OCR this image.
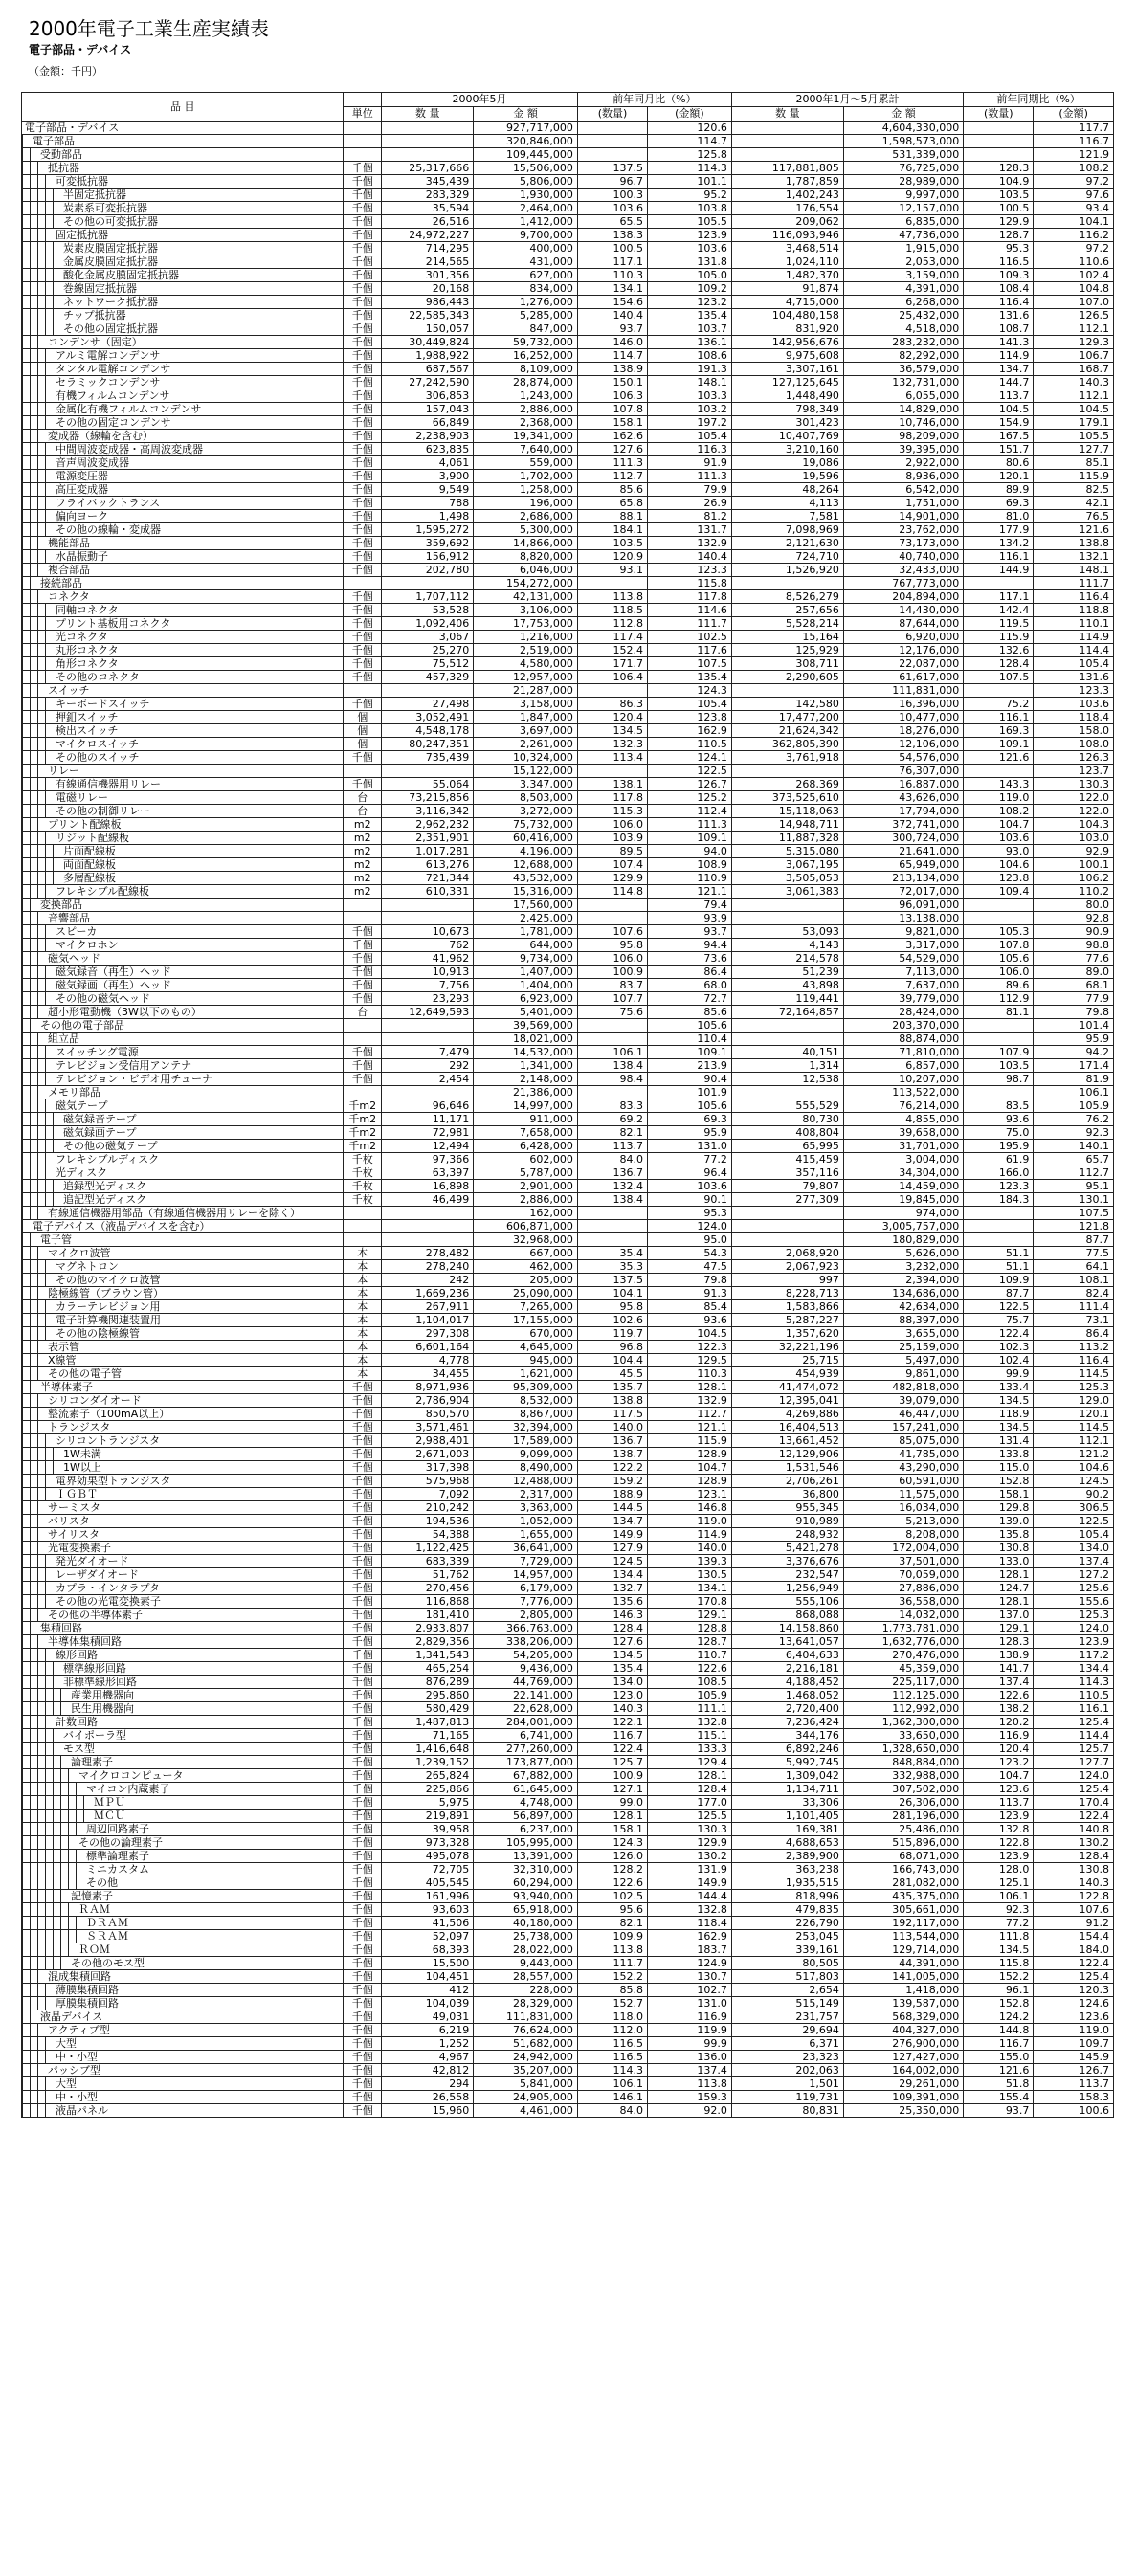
2000年電子工業生産実績表
電子部品・デバイス
（金額：千円）
品 目		2000年5月		前年同月比（%）		2000年1月～5月累計		前年同期比（%）	
	単位	数 量	金 額	(数量)	(金額)	数 量	金 額	(数量)	(金額)
電子部品・デバイス			927,717,000		120.6		4,604,330,000		117.7
電子部品			320,846,000		114.7		1,598,573,000		116.7
受動部品			109,445,000		125.8		531,339,000		121.9
抵抗器	千個	25,317,666	15,506,000	137.5	114.3	117,881,805	76,725,000	128.3	108.2
可変抵抗器	千個	345,439	5,806,000	96.7	101.1	1,787,859	28,989,000	104.9	97.2
半固定抵抗器	千個	283,329	1,930,000	100.3	95.2	1,402,243	9,997,000	103.5	97.6
炭素系可変抵抗器	千個	35,594	2,464,000	103.6	103.8	176,554	12,157,000	100.5	93.4
その他の可変抵抗器	千個	26,516	1,412,000	65.5	105.5	209,062	6,835,000	129.9	104.1
固定抵抗器	千個	24,972,227	9,700,000	138.3	123.9	116,093,946	47,736,000	128.7	116.2
炭素皮膜固定抵抗器	千個	714,295	400,000	100.5	103.6	3,468,514	1,915,000	95.3	97.2
金属皮膜固定抵抗器	千個	214,565	431,000	117.1	131.8	1,024,110	2,053,000	116.5	110.6
酸化金属皮膜固定抵抗器	千個	301,356	627,000	110.3	105.0	1,482,370	3,159,000	109.3	102.4
巻線固定抵抗器	千個	20,168	834,000	134.1	109.2	91,874	4,391,000	108.4	104.8
ネットワーク抵抗器	千個	986,443	1,276,000	154.6	123.2	4,715,000	6,268,000	116.4	107.0
チップ抵抗器	千個	22,585,343	5,285,000	140.4	135.4	104,480,158	25,432,000	131.6	126.5
その他の固定抵抗器	千個	150,057	847,000	93.7	103.7	831,920	4,518,000	108.7	112.1
コンデンサ（固定）	千個	30,449,824	59,732,000	146.0	136.1	142,956,676	283,232,000	141.3	129.3
アルミ電解コンデンサ	千個	1,988,922	16,252,000	114.7	108.6	9,975,608	82,292,000	114.9	106.7
タンタル電解コンデンサ	千個	687,567	8,109,000	138.9	191.3	3,307,161	36,579,000	134.7	168.7
セラミックコンデンサ	千個	27,242,590	28,874,000	150.1	148.1	127,125,645	132,731,000	144.7	140.3
有機フィルムコンデンサ	千個	306,853	1,243,000	106.3	103.3	1,448,490	6,055,000	113.7	112.1
金属化有機フィルムコンデンサ	千個	157,043	2,886,000	107.8	103.2	798,349	14,829,000	104.5	104.5
その他の固定コンデンサ	千個	66,849	2,368,000	158.1	197.2	301,423	10,746,000	154.9	179.1
変成器（線輪を含む）	千個	2,238,903	19,341,000	162.6	105.4	10,407,769	98,209,000	167.5	105.5
中間周波変成器・高周波変成器	千個	623,835	7,640,000	127.6	116.3	3,210,160	39,395,000	151.7	127.7
音声周波変成器	千個	4,061	559,000	111.3	91.9	19,086	2,922,000	80.6	85.1
電源変圧器	千個	3,900	1,702,000	112.7	111.3	19,596	8,936,000	120.1	115.9
高圧変成器	千個	9,549	1,258,000	85.6	79.9	48,264	6,542,000	89.9	82.5
フライバックトランス	千個	788	196,000	65.8	26.9	4,113	1,751,000	69.3	42.1
偏向ヨーク	千個	1,498	2,686,000	88.1	81.2	7,581	14,901,000	81.0	76.5
その他の線輪・変成器	千個	1,595,272	5,300,000	184.1	131.7	7,098,969	23,762,000	177.9	121.6
機能部品	千個	359,692	14,866,000	103.5	132.9	2,121,630	73,173,000	134.2	138.8
水晶振動子	千個	156,912	8,820,000	120.9	140.4	724,710	40,740,000	116.1	132.1
複合部品	千個	202,780	6,046,000	93.1	123.3	1,526,920	32,433,000	144.9	148.1
接続部品			154,272,000		115.8		767,773,000		111.7
コネクタ	千個	1,707,112	42,131,000	113.8	117.8	8,526,279	204,894,000	117.1	116.4
同軸コネクタ	千個	53,528	3,106,000	118.5	114.6	257,656	14,430,000	142.4	118.8
プリント基板用コネクタ	千個	1,092,406	17,753,000	112.8	111.7	5,528,214	87,644,000	119.5	110.1
光コネクタ	千個	3,067	1,216,000	117.4	102.5	15,164	6,920,000	115.9	114.9
丸形コネクタ	千個	25,270	2,519,000	152.4	117.6	125,929	12,176,000	132.6	114.4
角形コネクタ	千個	75,512	4,580,000	171.7	107.5	308,711	22,087,000	128.4	105.4
その他のコネクタ	千個	457,329	12,957,000	106.4	135.4	2,290,605	61,617,000	107.5	131.6
スイッチ			21,287,000		124.3		111,831,000		123.3
キーボードスイッチ	千個	27,498	3,158,000	86.3	105.4	142,580	16,396,000	75.2	103.6
押釦スイッチ	個	3,052,491	1,847,000	120.4	123.8	17,477,200	10,477,000	116.1	118.4
検出スイッチ	個	4,548,178	3,697,000	134.5	162.9	21,624,342	18,276,000	169.3	158.0
マイクロスイッチ	個	80,247,351	2,261,000	132.3	110.5	362,805,390	12,106,000	109.1	108.0
その他のスイッチ	千個	735,439	10,324,000	113.4	124.1	3,761,918	54,576,000	121.6	126.3
リレー			15,122,000		122.5		76,307,000		123.7
有線通信機器用リレー	千個	55,064	3,347,000	138.1	126.7	268,369	16,887,000	143.3	130.3
電磁リレー	台	73,215,856	8,503,000	117.8	125.2	373,525,610	43,626,000	119.0	122.0
その他の制御リレー	台	3,116,342	3,272,000	115.3	112.4	15,118,063	17,794,000	108.2	122.0
プリント配線板	m2	2,962,232	75,732,000	106.0	111.3	14,948,711	372,741,000	104.7	104.3
リジット配線板	m2	2,351,901	60,416,000	103.9	109.1	11,887,328	300,724,000	103.6	103.0
片面配線板	m2	1,017,281	4,196,000	89.5	94.0	5,315,080	21,641,000	93.0	92.9
両面配線板	m2	613,276	12,688,000	107.4	108.9	3,067,195	65,949,000	104.6	100.1
多層配線板	m2	721,344	43,532,000	129.9	110.9	3,505,053	213,134,000	123.8	106.2
フレキシブル配線板	m2	610,331	15,316,000	114.8	121.1	3,061,383	72,017,000	109.4	110.2
変換部品			17,560,000		79.4		96,091,000		80.0
音響部品			2,425,000		93.9		13,138,000		92.8
スピーカ	千個	10,673	1,781,000	107.6	93.7	53,093	9,821,000	105.3	90.9
マイクロホン	千個	762	644,000	95.8	94.4	4,143	3,317,000	107.8	98.8
磁気ヘッド	千個	41,962	9,734,000	106.0	73.6	214,578	54,529,000	105.6	77.6
磁気録音（再生）ヘッド	千個	10,913	1,407,000	100.9	86.4	51,239	7,113,000	106.0	89.0
磁気録画（再生）ヘッド	千個	7,756	1,404,000	83.7	68.0	43,898	7,637,000	89.6	68.1
その他の磁気ヘッド	千個	23,293	6,923,000	107.7	72.7	119,441	39,779,000	112.9	77.9
超小形電動機（3W以下のもの）	台	12,649,593	5,401,000	75.6	85.6	72,164,857	28,424,000	81.1	79.8
その他の電子部品			39,569,000		105.6		203,370,000		101.4
組立品			18,021,000		110.4		88,874,000		95.9
スイッチング電源	千個	7,479	14,532,000	106.1	109.1	40,151	71,810,000	107.9	94.2
テレビジョン受信用アンテナ	千個	292	1,341,000	138.4	213.9	1,314	6,857,000	103.5	171.4
テレビジョン・ビデオ用チューナ	千個	2,454	2,148,000	98.4	90.4	12,538	10,207,000	98.7	81.9
メモリ部品			21,386,000		101.9		113,522,000		106.1
磁気テープ	千m2	96,646	14,997,000	83.3	105.6	555,529	76,214,000	83.5	105.9
磁気録音テープ	千m2	11,171	911,000	69.2	69.3	80,730	4,855,000	93.6	76.2
磁気録画テープ	千m2	72,981	7,658,000	82.1	95.9	408,804	39,658,000	75.0	92.3
その他の磁気テープ	千m2	12,494	6,428,000	113.7	131.0	65,995	31,701,000	195.9	140.1
フレキシブルディスク	千枚	97,366	602,000	84.0	77.2	415,459	3,004,000	61.9	65.7
光ディスク	千枚	63,397	5,787,000	136.7	96.4	357,116	34,304,000	166.0	112.7
追録型光ディスク	千枚	16,898	2,901,000	132.4	103.6	79,807	14,459,000	123.3	95.1
追記型光ディスク	千枚	46,499	2,886,000	138.4	90.1	277,309	19,845,000	184.3	130.1
有線通信機器用部品（有線通信機器用リレーを除く）			162,000		95.3		974,000		107.5
電子デバイス（液晶デバイスを含む）			606,871,000		124.0		3,005,757,000		121.8
電子管			32,968,000		95.0		180,829,000		87.7
マイクロ波管	本	278,482	667,000	35.4	54.3	2,068,920	5,626,000	51.1	77.5
マグネトロン	本	278,240	462,000	35.3	47.5	2,067,923	3,232,000	51.1	64.1
その他のマイクロ波管	本	242	205,000	137.5	79.8	997	2,394,000	109.9	108.1
陰極線管（ブラウン管）	本	1,669,236	25,090,000	104.1	91.3	8,228,713	134,686,000	87.7	82.4
カラーテレビジョン用	本	267,911	7,265,000	95.8	85.4	1,583,866	42,634,000	122.5	111.4
電子計算機関連装置用	本	1,104,017	17,155,000	102.6	93.6	5,287,227	88,397,000	75.7	73.1
その他の陰極線管	本	297,308	670,000	119.7	104.5	1,357,620	3,655,000	122.4	86.4
表示管	本	6,601,164	4,645,000	96.8	122.3	32,221,196	25,159,000	102.3	113.2
X線管	本	4,778	945,000	104.4	129.5	25,715	5,497,000	102.4	116.4
その他の電子管	本	34,455	1,621,000	45.5	110.3	454,939	9,861,000	99.9	114.5
半導体素子	千個	8,971,936	95,309,000	135.7	128.1	41,474,072	482,818,000	133.4	125.3
シリコンダイオード	千個	2,786,904	8,532,000	138.8	132.9	12,395,041	39,079,000	134.5	129.0
整流素子（100mA以上）	千個	850,570	8,867,000	117.5	112.7	4,269,886	46,447,000	118.9	120.1
トランジスタ	千個	3,571,461	32,394,000	140.0	121.1	16,404,513	157,241,000	134.5	114.5
シリコントランジスタ	千個	2,988,401	17,589,000	136.7	115.9	13,661,452	85,075,000	131.4	112.1
1W未満	千個	2,671,003	9,099,000	138.7	128.9	12,129,906	41,785,000	133.8	121.2
1W以上	千個	317,398	8,490,000	122.2	104.7	1,531,546	43,290,000	115.0	104.6
電界効果型トランジスタ	千個	575,968	12,488,000	159.2	128.9	2,706,261	60,591,000	152.8	124.5
ＩＧＢＴ	千個	7,092	2,317,000	188.9	123.1	36,800	11,575,000	158.1	90.2
サーミスタ	千個	210,242	3,363,000	144.5	146.8	955,345	16,034,000	129.8	306.5
バリスタ	千個	194,536	1,052,000	134.7	119.0	910,989	5,213,000	139.0	122.5
サイリスタ	千個	54,388	1,655,000	149.9	114.9	248,932	8,208,000	135.8	105.4
光電変換素子	千個	1,122,425	36,641,000	127.9	140.0	5,421,278	172,004,000	130.8	134.0
発光ダイオード	千個	683,339	7,729,000	124.5	139.3	3,376,676	37,501,000	133.0	137.4
レーザダイオード	千個	51,762	14,957,000	134.4	130.5	232,547	70,059,000	128.1	127.2
カプラ・インタラプタ	千個	270,456	6,179,000	132.7	134.1	1,256,949	27,886,000	124.7	125.6
その他の光電変換素子	千個	116,868	7,776,000	135.6	170.8	555,106	36,558,000	128.1	155.6
その他の半導体素子	千個	181,410	2,805,000	146.3	129.1	868,088	14,032,000	137.0	125.3
集積回路	千個	2,933,807	366,763,000	128.4	128.8	14,158,860	1,773,781,000	129.1	124.0
半導体集積回路	千個	2,829,356	338,206,000	127.6	128.7	13,641,057	1,632,776,000	128.3	123.9
線形回路	千個	1,341,543	54,205,000	134.5	110.7	6,404,633	270,476,000	138.9	117.2
標準線形回路	千個	465,254	9,436,000	135.4	122.6	2,216,181	45,359,000	141.7	134.4
非標準線形回路	千個	876,289	44,769,000	134.0	108.5	4,188,452	225,117,000	137.4	114.3
産業用機器向	千個	295,860	22,141,000	123.0	105.9	1,468,052	112,125,000	122.6	110.5
民生用機器向	千個	580,429	22,628,000	140.3	111.1	2,720,400	112,992,000	138.2	116.1
計数回路	千個	1,487,813	284,001,000	122.1	132.8	7,236,424	1,362,300,000	120.2	125.4
バイポーラ型	千個	71,165	6,741,000	116.7	115.1	344,176	33,650,000	116.9	114.4
モス型	千個	1,416,648	277,260,000	122.4	133.3	6,892,246	1,328,650,000	120.4	125.7
論理素子	千個	1,239,152	173,877,000	125.7	129.4	5,992,745	848,884,000	123.2	127.7
マイクロコンピュータ	千個	265,824	67,882,000	100.9	128.1	1,309,042	332,988,000	104.7	124.0
マイコン内蔵素子	千個	225,866	61,645,000	127.1	128.4	1,134,711	307,502,000	123.6	125.4
ＭＰＵ	千個	5,975	4,748,000	99.0	177.0	33,306	26,306,000	113.7	170.4
ＭＣＵ	千個	219,891	56,897,000	128.1	125.5	1,101,405	281,196,000	123.9	122.4
周辺回路素子	千個	39,958	6,237,000	158.1	130.3	169,381	25,486,000	132.8	140.8
その他の論理素子	千個	973,328	105,995,000	124.3	129.9	4,688,653	515,896,000	122.8	130.2
標準論理素子	千個	495,078	13,391,000	126.0	130.2	2,389,900	68,071,000	123.9	128.4
ミニカスタム	千個	72,705	32,310,000	128.2	131.9	363,238	166,743,000	128.0	130.8
その他	千個	405,545	60,294,000	122.6	149.9	1,935,515	281,082,000	125.1	140.3
記憶素子	千個	161,996	93,940,000	102.5	144.4	818,996	435,375,000	106.1	122.8
ＲＡＭ	千個	93,603	65,918,000	95.6	132.8	479,835	305,661,000	92.3	107.6
ＤＲＡＭ	千個	41,506	40,180,000	82.1	118.4	226,790	192,117,000	77.2	91.2
ＳＲＡＭ	千個	52,097	25,738,000	109.9	162.9	253,045	113,544,000	111.8	154.4
ＲＯＭ	千個	68,393	28,022,000	113.8	183.7	339,161	129,714,000	134.5	184.0
その他のモス型	千個	15,500	9,443,000	111.7	124.9	80,505	44,391,000	115.8	122.4
混成集積回路	千個	104,451	28,557,000	152.2	130.7	517,803	141,005,000	152.2	125.4
薄膜集積回路	千個	412	228,000	85.8	102.7	2,654	1,418,000	96.1	120.3
厚膜集積回路	千個	104,039	28,329,000	152.7	131.0	515,149	139,587,000	152.8	124.6
液晶デバイス	千個	49,031	111,831,000	118.0	116.9	231,757	568,329,000	124.2	123.6
アクティブ型	千個	6,219	76,624,000	112.0	119.9	29,694	404,327,000	144.8	119.0
大型	千個	1,252	51,682,000	116.5	99.9	6,371	276,900,000	116.7	109.7
中・小型	千個	4,967	24,942,000	116.5	136.0	23,323	127,427,000	155.0	145.9
パッシブ型	千個	42,812	35,207,000	114.3	137.4	202,063	164,002,000	121.6	126.7
大型	千個	294	5,841,000	106.1	113.8	1,501	29,261,000	51.8	113.7
中・小型	千個	26,558	24,905,000	146.1	159.3	119,731	109,391,000	155.4	158.3
液晶パネル	千個	15,960	4,461,000	84.0	92.0	80,831	25,350,000	93.7	100.6
